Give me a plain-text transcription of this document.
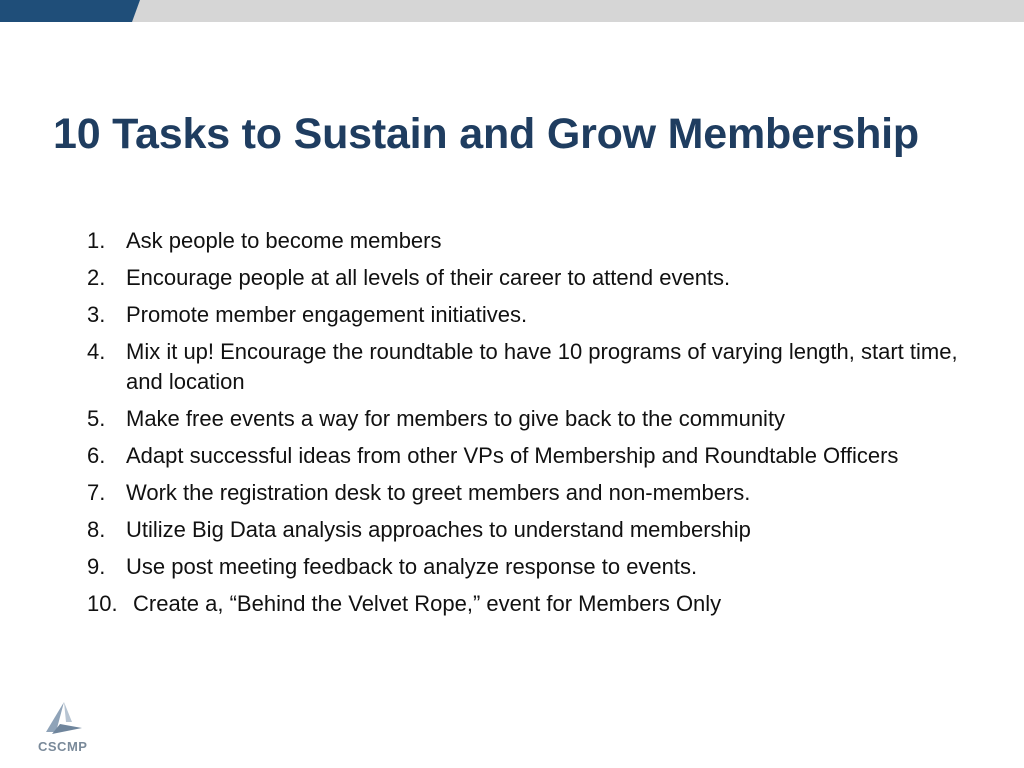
10 Tasks to Sustain and Grow Membership
1. Ask people to become members
2. Encourage people at all levels of their career to attend events.
3. Promote member engagement initiatives.
4. Mix it up! Encourage the roundtable to have 10 programs of varying length, start time, and location
5. Make free events a way for members to give back to the community
6. Adapt successful ideas from other VPs of Membership and Roundtable Officers
7. Work the registration desk to greet members and non-members.
8. Utilize Big Data analysis approaches to understand membership
9. Use post meeting feedback to analyze response to events.
10. Create a, “Behind the Velvet Rope,” event for Members Only
CSCMP
